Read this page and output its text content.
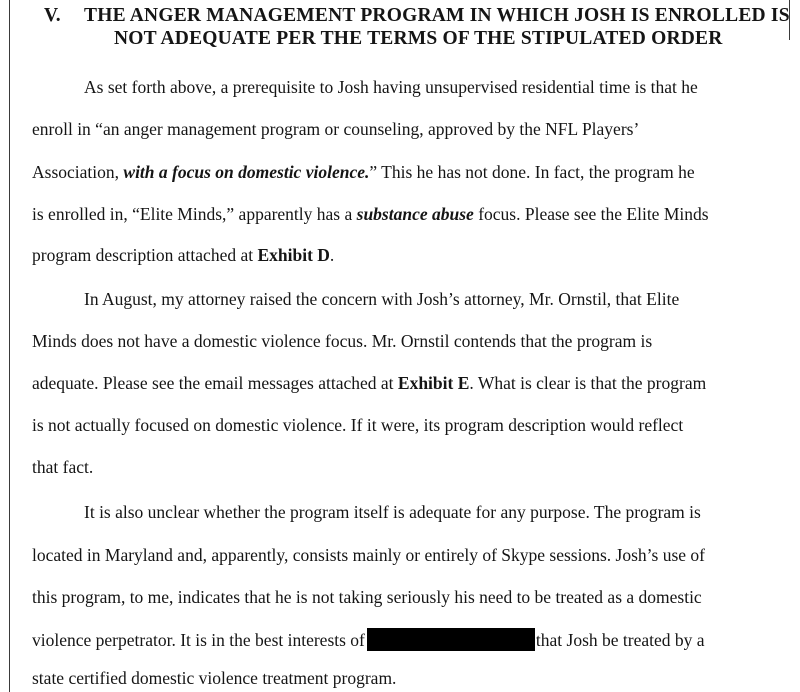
V. THE ANGER MANAGEMENT PROGRAM IN WHICH JOSH IS ENROLLED IS
NOT ADEQUATE PER THE TERMS OF THE STIPULATED ORDER
As set forth above, a prerequisite to Josh having unsupervised residential time is that he
enroll in “an anger management program or counseling, approved by the NFL Players’
Association, with a focus on domestic violence.” This he has not done. In fact, the program he
is enrolled in, “Elite Minds,” apparently has a substance abuse focus. Please see the Elite Minds
program description attached at Exhibit D.
In August, my attorney raised the concern with Josh’s attorney, Mr. Ornstil, that Elite
Minds does not have a domestic violence focus. Mr. Ornstil contends that the program is
adequate. Please see the email messages attached at Exhibit E. What is clear is that the program
is not actually focused on domestic violence. If it were, its program description would reflect
that fact.
It is also unclear whether the program itself is adequate for any purpose. The program is
located in Maryland and, apparently, consists mainly or entirely of Skype sessions. Josh’s use of
this program, to me, indicates that he is not taking seriously his need to be treated as a domestic
violence perpetrator. It is in the best interests of	that Josh be treated by a
state certified domestic violence treatment program.
